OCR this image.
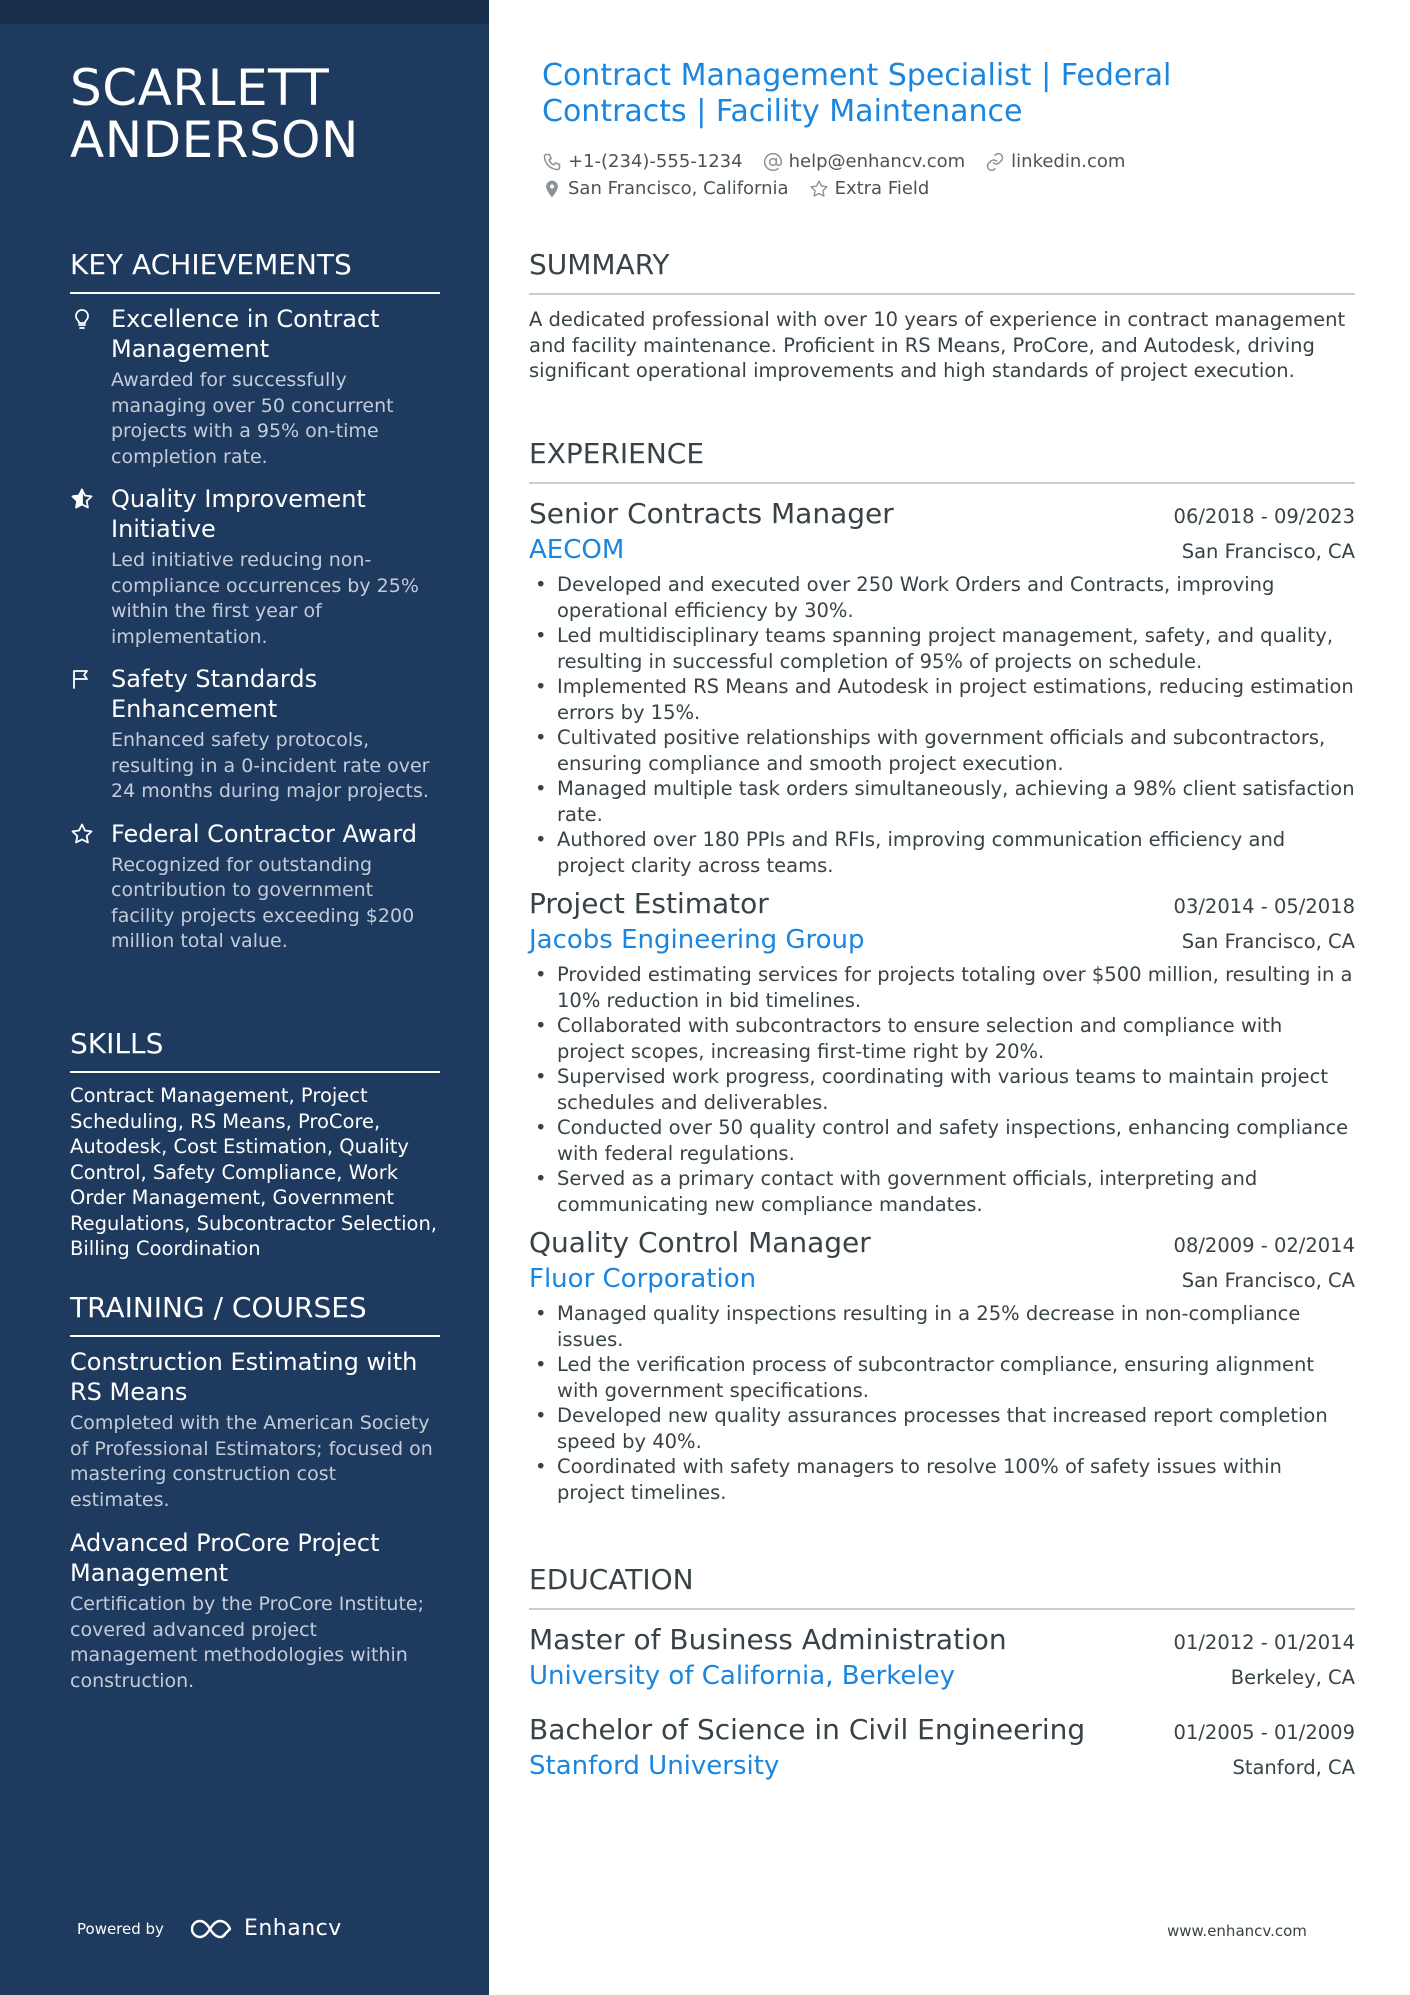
SCARLETT
ANDERSON
KEY ACHIEVEMENTS
Excellence in Contract Management
Awarded for successfully managing over 50 concurrent projects with a 95% on-time completion rate.
Quality Improvement Initiative
Led initiative reducing non-compliance occurrences by 25% within the first year of implementation.
Safety Standards Enhancement
Enhanced safety protocols, resulting in a 0-incident rate over 24 months during major projects.
Federal Contractor Award
Recognized for outstanding contribution to government facility projects exceeding $200 million total value.
SKILLS
Contract Management, Project Scheduling, RS Means, ProCore, Autodesk, Cost Estimation, Quality Control, Safety Compliance, Work Order Management, Government Regulations, Subcontractor Selection, Billing Coordination
TRAINING / COURSES
Construction Estimating with RS Means
Completed with the American Society of Professional Estimators; focused on mastering construction cost estimates.
Advanced ProCore Project Management
Certification by the ProCore Institute; covered advanced project management methodologies within construction.
Powered by	Enhancv
Contract Management Specialist | Federal Contracts | Facility Maintenance
+1-(234)-555-1234	help@enhancv.com	linkedin.com
San Francisco, California	Extra Field
SUMMARY
A dedicated professional with over 10 years of experience in contract management and facility maintenance. Proficient in RS Means, ProCore, and Autodesk, driving significant operational improvements and high standards of project execution.
EXPERIENCE
Senior Contracts Manager	06/2018 - 09/2023
AECOM	San Francisco, CA
• Developed and executed over 250 Work Orders and Contracts, improving operational efficiency by 30%.
• Led multidisciplinary teams spanning project management, safety, and quality, resulting in successful completion of 95% of projects on schedule.
• Implemented RS Means and Autodesk in project estimations, reducing estimation errors by 15%.
• Cultivated positive relationships with government officials and subcontractors, ensuring compliance and smooth project execution.
• Managed multiple task orders simultaneously, achieving a 98% client satisfaction rate.
• Authored over 180 PPIs and RFIs, improving communication efficiency and project clarity across teams.
Project Estimator	03/2014 - 05/2018
Jacobs Engineering Group	San Francisco, CA
• Provided estimating services for projects totaling over $500 million, resulting in a 10% reduction in bid timelines.
• Collaborated with subcontractors to ensure selection and compliance with project scopes, increasing first-time right by 20%.
• Supervised work progress, coordinating with various teams to maintain project schedules and deliverables.
• Conducted over 50 quality control and safety inspections, enhancing compliance with federal regulations.
• Served as a primary contact with government officials, interpreting and communicating new compliance mandates.
Quality Control Manager	08/2009 - 02/2014
Fluor Corporation	San Francisco, CA
• Managed quality inspections resulting in a 25% decrease in non-compliance issues.
• Led the verification process of subcontractor compliance, ensuring alignment with government specifications.
• Developed new quality assurances processes that increased report completion speed by 40%.
• Coordinated with safety managers to resolve 100% of safety issues within project timelines.
EDUCATION
Master of Business Administration	01/2012 - 01/2014
University of California, Berkeley	Berkeley, CA
Bachelor of Science in Civil Engineering	01/2005 - 01/2009
Stanford University	Stanford, CA
www.enhancv.com
